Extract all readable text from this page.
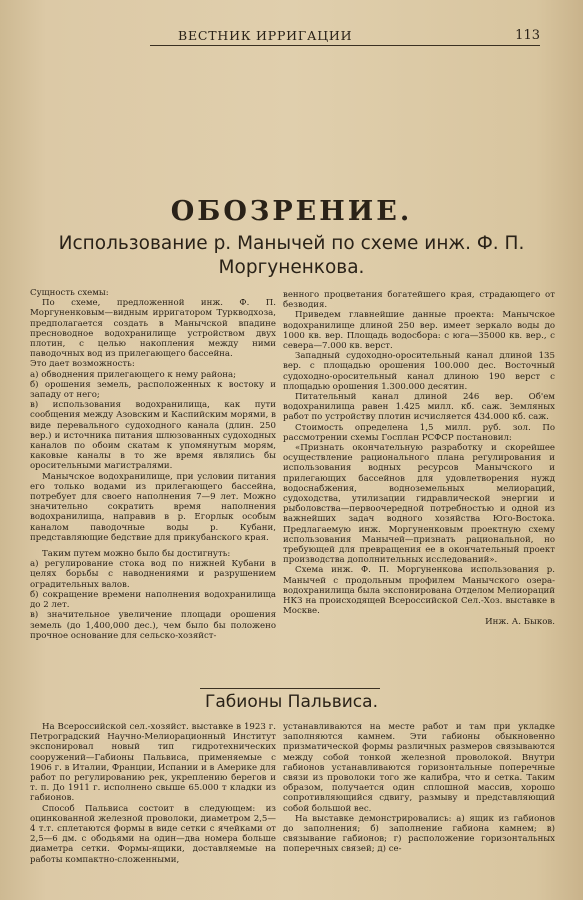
ВЕСТНИК ИРРИГАЦИИ	113
ОБОЗРЕНИЕ.
Использование р. Манычей по схеме инж. Ф. П. Моргуненкова.

Сущность схемы:

По схеме, предложенной инж. Ф. П. Моргуненковым—видным ирригатором Туркводхоза, предполагается создать в Манычской впадине пресноводное водохранилище устройством двух плотин, с целью накопления между ними паводочных вод из прилегающего бассейна.

Это дает возможность:

а) обводнения прилегающего к нему района;

б) орошения земель, расположенных к востоку и западу от него;

в) использования водохранилища, как пути сообщения между Азовским и Каспийским морями, в виде перевального судоходного канала (длин. 250 вер.) и источника питания шлюзованных судоходных каналов по обоим скатам к упомянутым морям, каковые каналы в то же время являлись бы оросительными магистралями.

Манычское водохранилище, при условии питания его только водами из прилегающего бассейна, потребует для своего наполнения 7—9 лет. Можно значительно сократить время наполнения водохранилища, направив в р. Егорлык особым каналом паводочные воды р. Кубани, представляющие бедствие для прикубанского края.

Таким путем можно было бы достигнуть:

а) регулирование стока вод по нижней Кубани в целях борьбы с наводнениями и разрушением оградительных валов.

б) сокращение времени наполнения водохранилища до 2 лет.

в) значительное увеличение площади орошения земель (до 1,400,000 дес.), чем было бы положено прочное основание для сельско-хозяйст-

венного процветания богатейшего края, страдающего от безводия.

Приведем главнейшие данные проекта: Манычское водохранилище длиной 250 вер. имеет зеркало воды до 1000 кв. вер. Площадь водосбора: с юга—35000 кв. вер., с севера—7.000 кв. верст.

Западный судоходно-оросительный канал длиной 135 вер. с площадью орошения 100.000 дес. Восточный судоходно-оросительный канал длиною 190 верст с площадью орошения 1.300.000 десятин.

Питательный канал длиной 246 вер. Об'ем водохранилища равен 1.425 милл. кб. саж. Земляных работ по устройству плотин исчисляется 434.000 кб. саж.

Стоимость определена 1,5 милл. руб. зол. По рассмотрении схемы Госплан РСФСР постановил:

«Признать окончательную разработку и скорейшее осуществление рационального плана регулирования и использования водных ресурсов Манычского и прилегающих бассейнов для удовлетворения нужд водоснабжения, водноземельных мелиораций, судоходства, утилизации гидравлической энергии и рыболовства—первоочередной потребностью и одной из важнейших задач водного хозяйства Юго-Востока. Предлагаемую инж. Моргуненковым проектную схему использования Манычей—признать рациональной, но требующей для превращения ее в окончательный проект производства дополнительных исследований».

Схема инж. Ф. П. Моргуненкова использования р. Манычей с продольным профилем Манычского озера-водохранилища была экспонирована Отделом Мелиораций НКЗ на происходящей Всероссийской Сел.-Хоз. выставке в Москве.

Инж. А. Быков.

Габионы Пальвиса.

На Всероссийской сел.-хозяйст. выставке в 1923 г. Петроградский Научно-Мелиорационный Институт экспонировал новый тип гидротехнических сооружений—Габионы Пальвиса, применяемые с 1906 г. в Италии, Франции, Испании и в Америке для работ по регулированию рек, укреплению берегов и т. п. До 1911 г. исполнено свыше 65.000 т кладки из габионов.

Способ Пальвиса состоит в следующем: из оцинкованной железной проволоки, диаметром 2,5—4 т.т. сплетаются формы в виде сетки с ячейками от 2,5—6 дм. с ободьями на один—два номера больше диаметра сетки. Формы-ящики, доставляемые на работы компактно-сложенными,

устанавливаются на месте работ и там при укладке заполняются камнем. Эти габионы обыкновенно призматической формы различных размеров связываются между собой тонкой железной проволокой. Внутри габионов устанавливаются горизонтальные поперечные связи из проволоки того же калибра, что и сетка. Таким образом, получается один сплошной массив, хорошо сопротивляющийся сдвигу, размыву и представляющий собой большой вес.

На выставке демонстрировались: а) ящик из габионов до заполнения; б) заполнение габиона камнем; в) связывание габионов; г) расположение горизонтальных поперечных связей; д) се-
